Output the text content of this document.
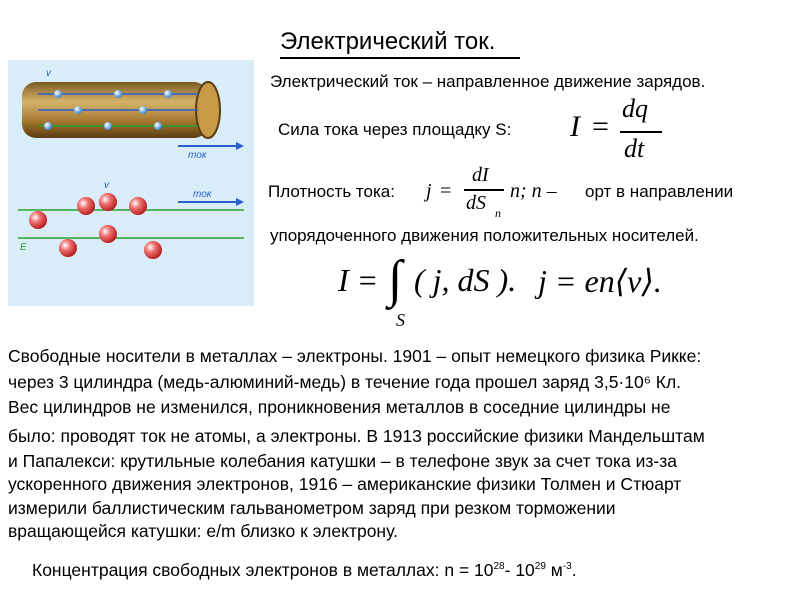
Электрический ток.
ток
v
ток
v
E
Электрический ток – направленное движение зарядов.
Сила тока через площадку S: I =
dq
dt
Плотность тока: j =
dI
dS n
n; n – орт в направлении
упорядоченного движения положительных носителей.
I = ∫
S
( j, dS ). j = en⟨v⟩.
Свободные носители в металлах – электроны. 1901 – опыт немецкого физика Рикке:
через 3 цилиндра (медь-алюминий-медь) в течение года прошел заряд 3,5·10⁶ Кл.
Вес цилиндров не изменился, проникновения металлов в соседние цилиндры не
было: проводят ток не атомы, а электроны. В 1913 российские физики Мандельштам
и Папалекси: крутильные колебания катушки – в телефоне звук за счет тока из-за
ускоренного движения электронов, 1916 – американские физики Толмен и Стюарт
измерили баллистическим гальванометром заряд при резком торможении
вращающейся катушки: e/m близко к электрону.
Концентрация свободных электронов в металлах: $n = 10^{28}-$ $10^{29}$ $м^{-3}$.
